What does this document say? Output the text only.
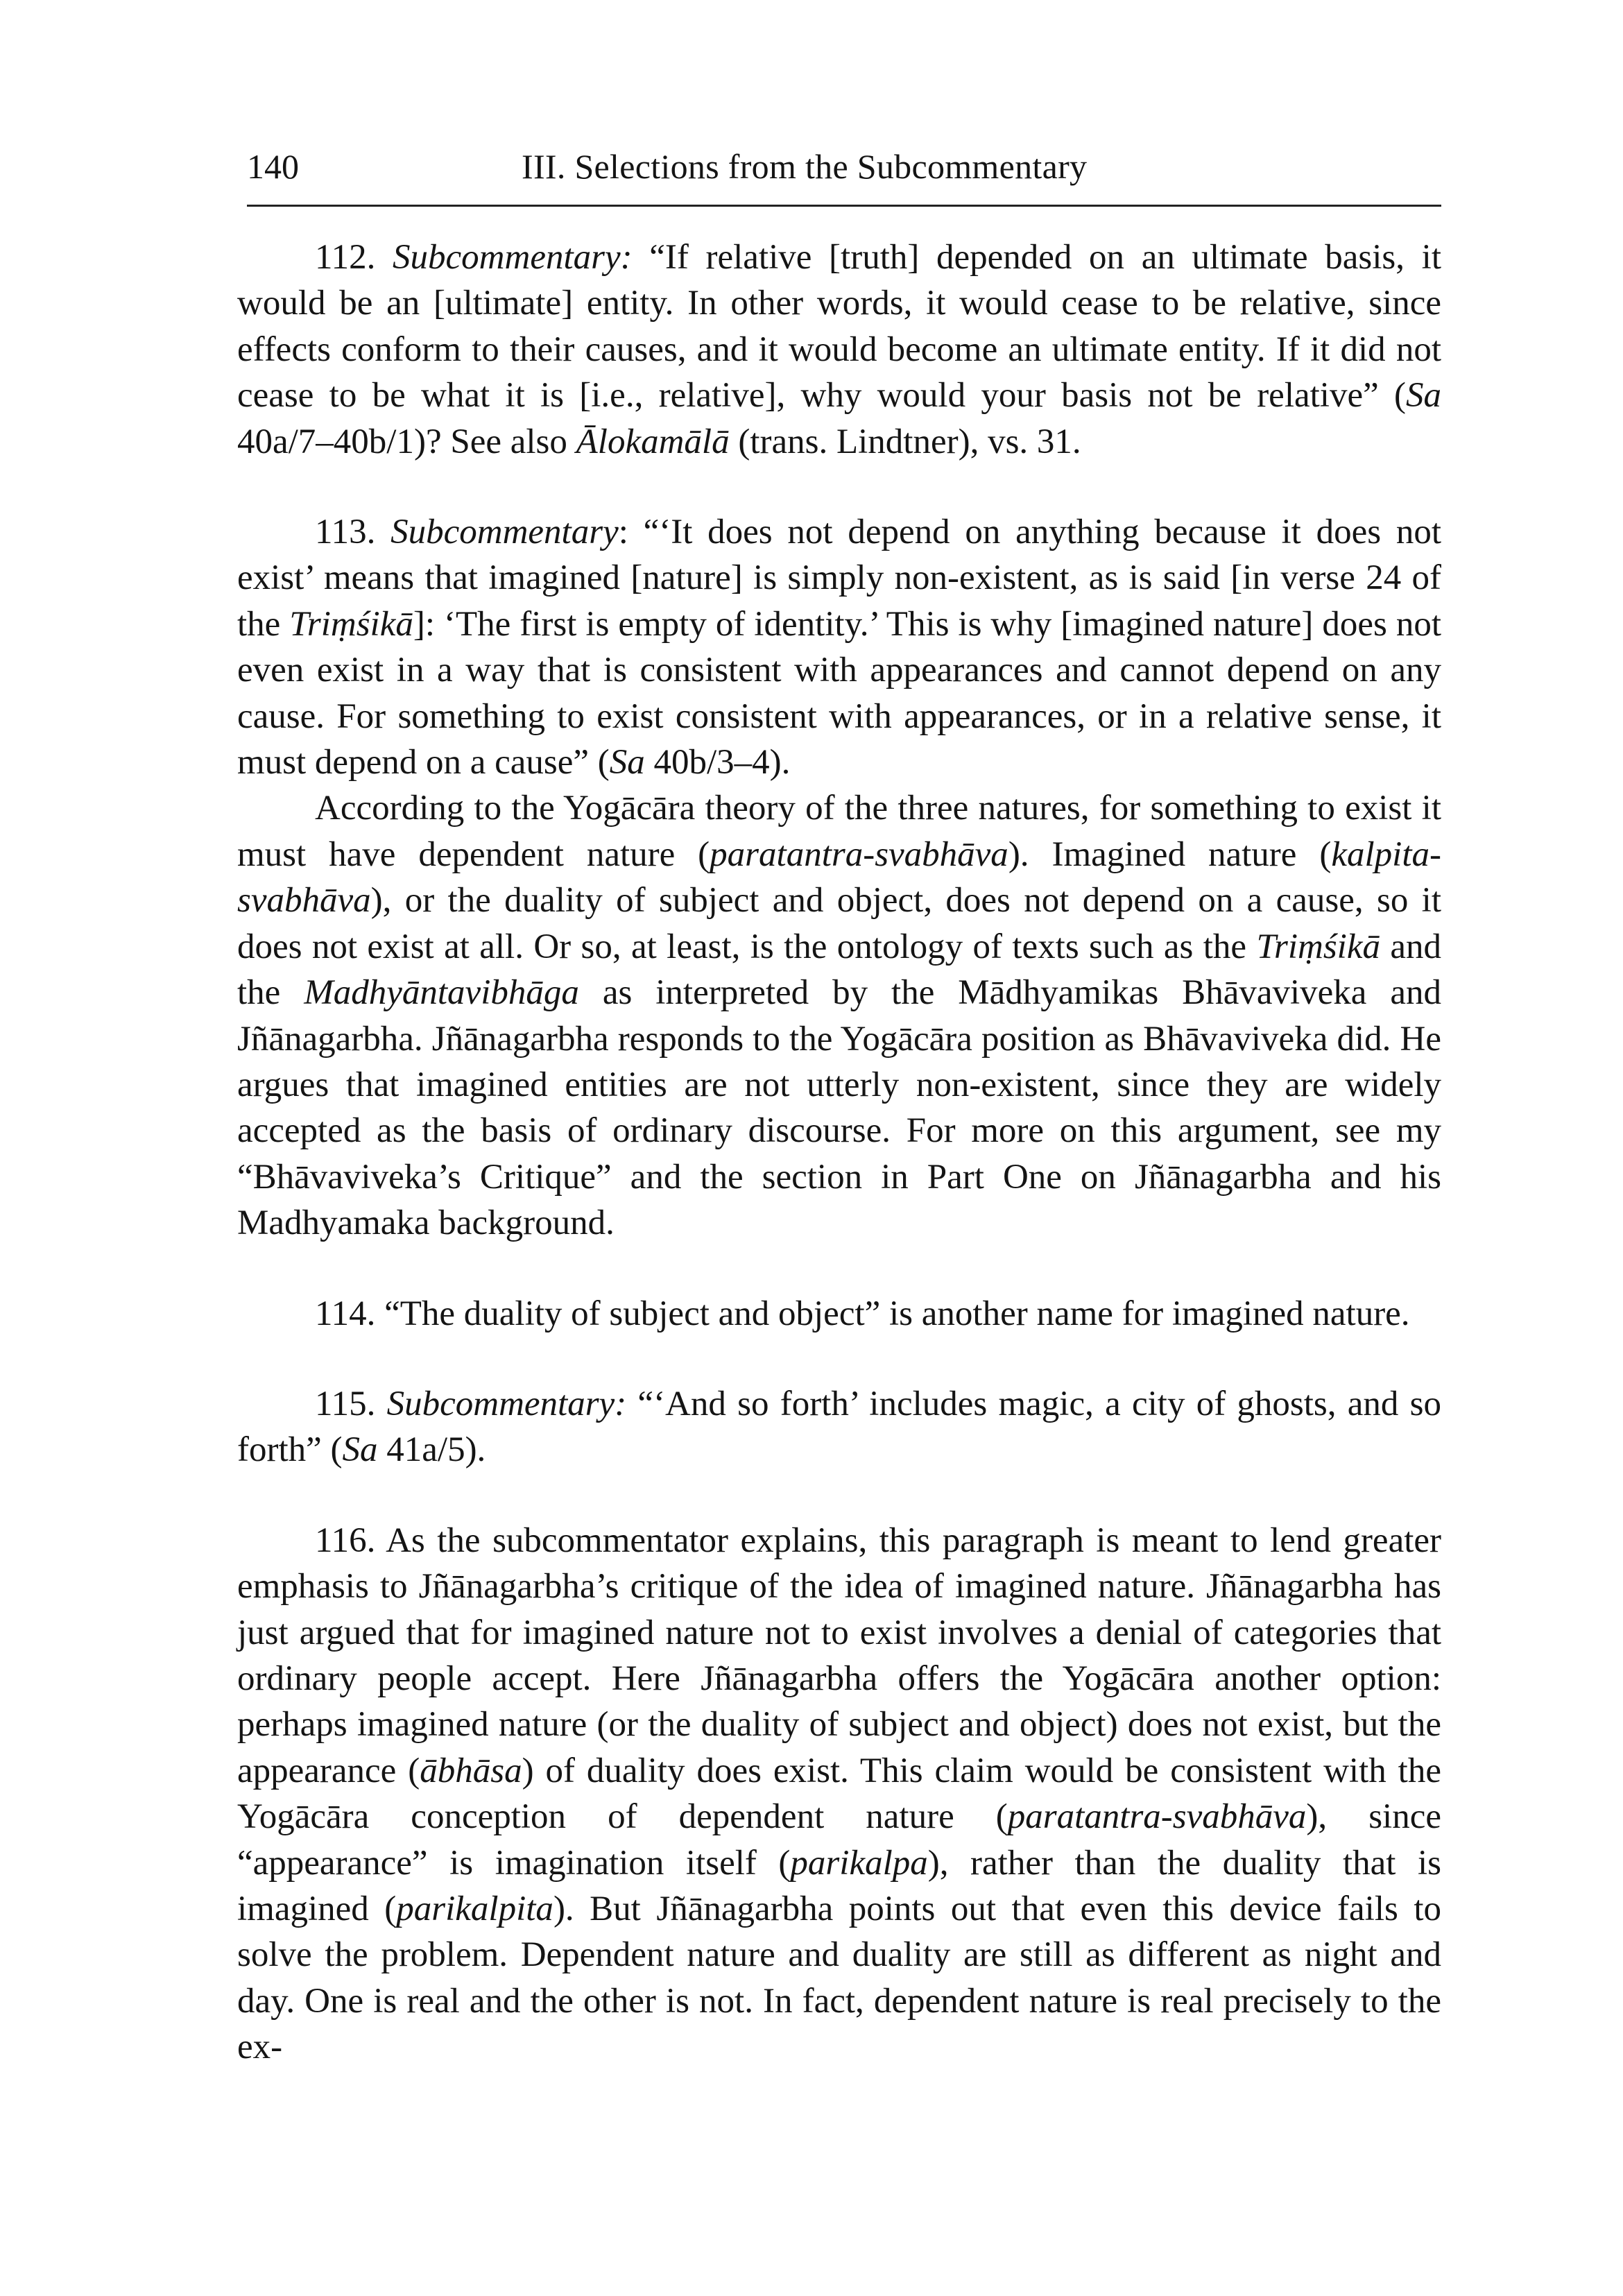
140	III. Selections from the Subcommentary

112. Subcommentary: “If relative [truth] depended on an ultimate basis, it would be an [ultimate] entity. In other words, it would cease to be relative, since effects conform to their causes, and it would become an ultimate entity. If it did not cease to be what it is [i.e., relative], why would your basis not be relative” (Sa 40a/7–40b/1)? See also Ālokamālā (trans. Lindtner), vs. 31.

113. Subcommentary: “‘It does not depend on anything because it does not exist’ means that imagined [nature] is simply non-existent, as is said [in verse 24 of the Triṃśikā]: ‘The first is empty of identity.’ This is why [imagined nature] does not even exist in a way that is consistent with appearances and cannot depend on any cause. For something to exist consistent with appearances, or in a relative sense, it must depend on a cause” (Sa 40b/3–4).

According to the Yogācāra theory of the three natures, for something to exist it must have dependent nature (paratantra-svabhāva). Imagined nature (kalpita-svabhāva), or the duality of subject and object, does not depend on a cause, so it does not exist at all. Or so, at least, is the ontology of texts such as the Triṃśikā and the Madhyāntavibhāga as interpreted by the Mādhyamikas Bhāvaviveka and Jñānagarbha. Jñānagarbha responds to the Yogācāra position as Bhāvaviveka did. He argues that imagined entities are not utterly non-existent, since they are widely accepted as the basis of ordinary discourse. For more on this argument, see my “Bhāvaviveka’s Critique” and the section in Part One on Jñānagarbha and his Madhyamaka background.

114. “The duality of subject and object” is another name for imagined nature.

115. Subcommentary: “‘And so forth’ includes magic, a city of ghosts, and so forth” (Sa 41a/5).

116. As the subcommentator explains, this paragraph is meant to lend greater emphasis to Jñānagarbha’s critique of the idea of imagined nature. Jñānagarbha has just argued that for imagined nature not to exist involves a denial of categories that ordinary people accept. Here Jñānagarbha offers the Yogācāra another option: perhaps imagined nature (or the duality of subject and object) does not exist, but the appearance (ābhāsa) of duality does exist. This claim would be consistent with the Yogācāra conception of dependent nature (paratantra-svabhāva), since “appearance” is imagination itself (parikalpa), rather than the duality that is imagined (parikalpita). But Jñānagarbha points out that even this device fails to solve the problem. Dependent nature and duality are still as different as night and day. One is real and the other is not. In fact, dependent nature is real precisely to the ex-
